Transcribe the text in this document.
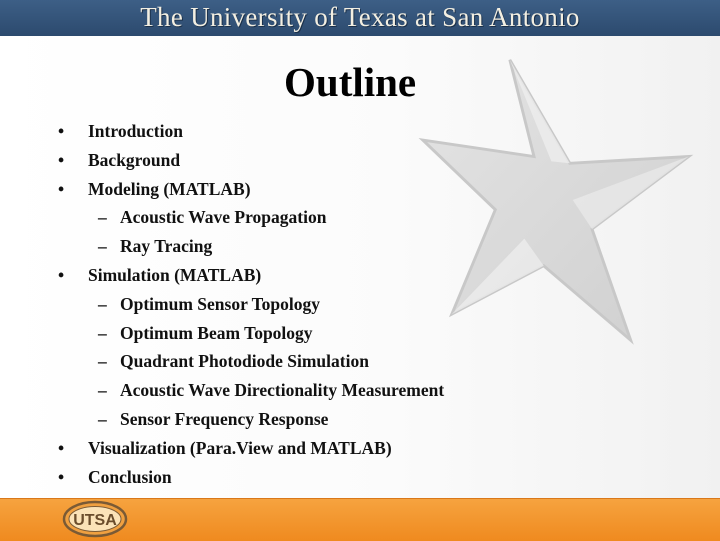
The University of Texas at San Antonio
Outline
• Introduction
• Background
• Modeling (MATLAB)
– Acoustic Wave Propagation
– Ray Tracing
• Simulation (MATLAB)
– Optimum Sensor Topology
– Optimum Beam Topology
– Quadrant Photodiode Simulation
– Acoustic Wave Directionality Measurement
– Sensor Frequency Response
• Visualization (Para.View and MATLAB)
• Conclusion
UTSA
